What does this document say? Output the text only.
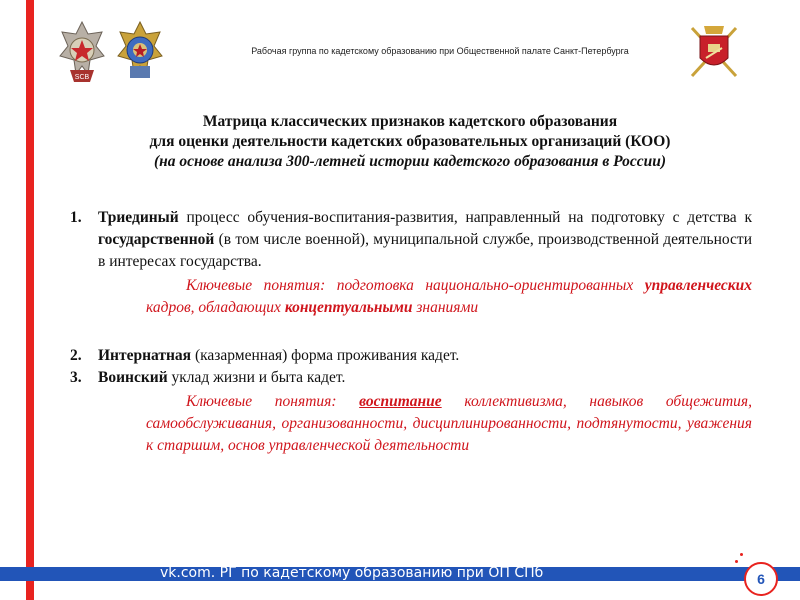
SCB
Рабочая группа по кадетскому образованию при Общественной палате Санкт-Петербурга
Матрица классических признаков кадетского образования
для оценки деятельности кадетских образовательных организаций (КОО)
(на основе анализа 300-летней истории кадетского образования в России)
1.	Триединый процесс обучения-воспитания-развития, направленный на подготовку с детства к государственной (в том числе военной), муниципальной службе, производственной деятельности в интересах государства.
Ключевые понятия: подготовка национально-ориентированных управленческих кадров, обладающих концептуальными знаниями
2.	Интернатная (казарменная) форма проживания кадет.
3.	Воинский уклад жизни и быта кадет.
Ключевые понятия: воспитание коллективизма, навыков общежития, самообслуживания, организованности, дисциплинированности, подтянутости, уважения к старшим, основ управленческой деятельности
vk.com. РГ по кадетскому образованию при ОП СПб	6
